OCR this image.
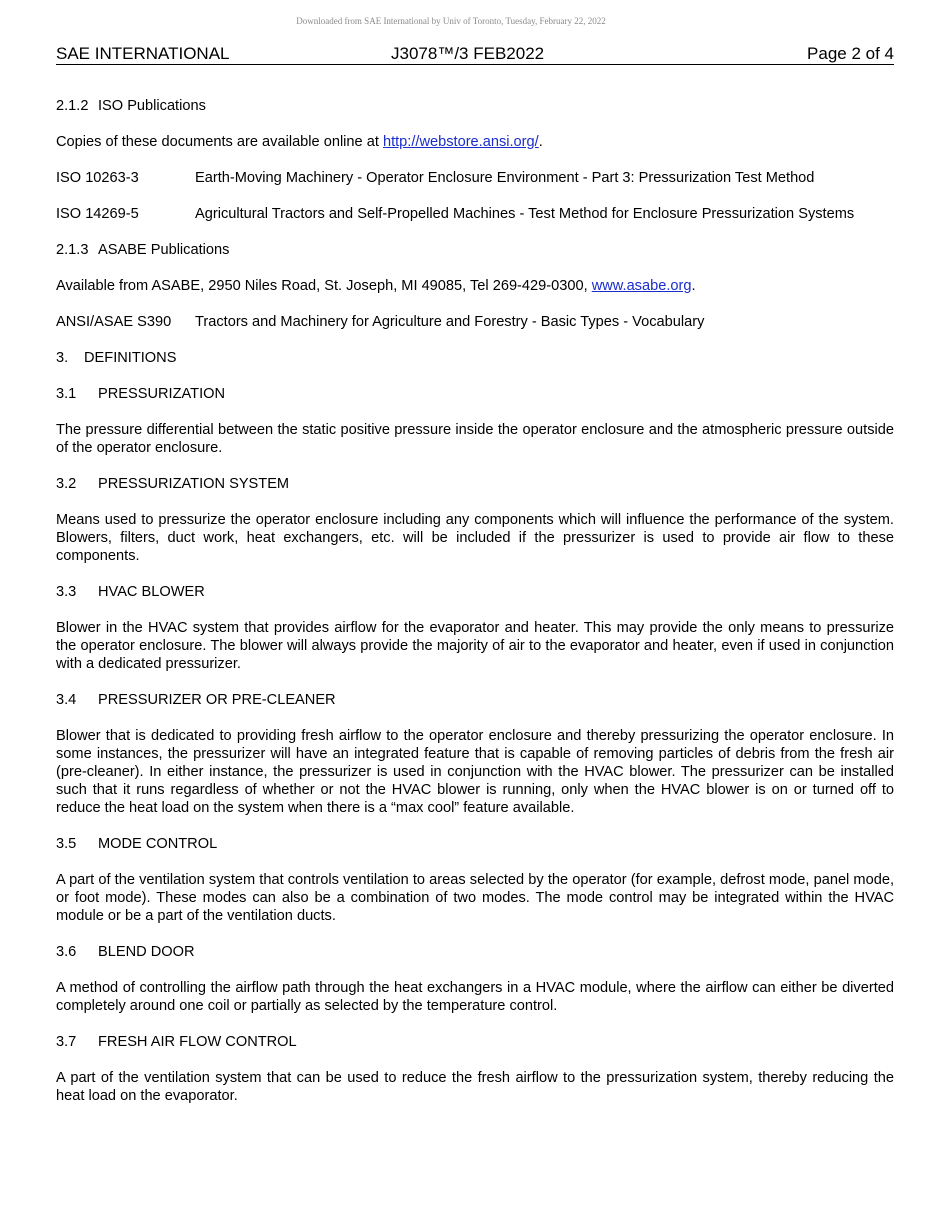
Downloaded from SAE International by Univ of Toronto, Tuesday, February 22, 2022
SAE INTERNATIONAL	J3078™/3 FEB2022	Page 2 of 4

2.1.2 ISO Publications

Copies of these documents are available online at http://webstore.ansi.org/.

ISO 10263-3	Earth-Moving Machinery - Operator Enclosure Environment - Part 3: Pressurization Test Method
ISO 14269-5	Agricultural Tractors and Self-Propelled Machines - Test Method for Enclosure Pressurization Systems

2.1.3 ASABE Publications

Available from ASABE, 2950 Niles Road, St. Joseph, MI 49085, Tel 269-429-0300, www.asabe.org.

ANSI/ASAE S390	Tractors and Machinery for Agriculture and Forestry - Basic Types - Vocabulary

3. DEFINITIONS

3.1 PRESSURIZATION

The pressure differential between the static positive pressure inside the operator enclosure and the atmospheric pressure outside of the operator enclosure.

3.2 PRESSURIZATION SYSTEM

Means used to pressurize the operator enclosure including any components which will influence the performance of the system. Blowers, filters, duct work, heat exchangers, etc. will be included if the pressurizer is used to provide air flow to these components.

3.3 HVAC BLOWER

Blower in the HVAC system that provides airflow for the evaporator and heater. This may provide the only means to pressurize the operator enclosure. The blower will always provide the majority of air to the evaporator and heater, even if used in conjunction with a dedicated pressurizer.

3.4 PRESSURIZER OR PRE-CLEANER

Blower that is dedicated to providing fresh airflow to the operator enclosure and thereby pressurizing the operator enclosure. In some instances, the pressurizer will have an integrated feature that is capable of removing particles of debris from the fresh air (pre-cleaner). In either instance, the pressurizer is used in conjunction with the HVAC blower. The pressurizer can be installed such that it runs regardless of whether or not the HVAC blower is running, only when the HVAC blower is on or turned off to reduce the heat load on the system when there is a “max cool” feature available.

3.5 MODE CONTROL

A part of the ventilation system that controls ventilation to areas selected by the operator (for example, defrost mode, panel mode, or foot mode). These modes can also be a combination of two modes. The mode control may be integrated within the HVAC module or be a part of the ventilation ducts.

3.6 BLEND DOOR

A method of controlling the airflow path through the heat exchangers in a HVAC module, where the airflow can either be diverted completely around one coil or partially as selected by the temperature control.

3.7 FRESH AIR FLOW CONTROL

A part of the ventilation system that can be used to reduce the fresh airflow to the pressurization system, thereby reducing the heat load on the evaporator.
